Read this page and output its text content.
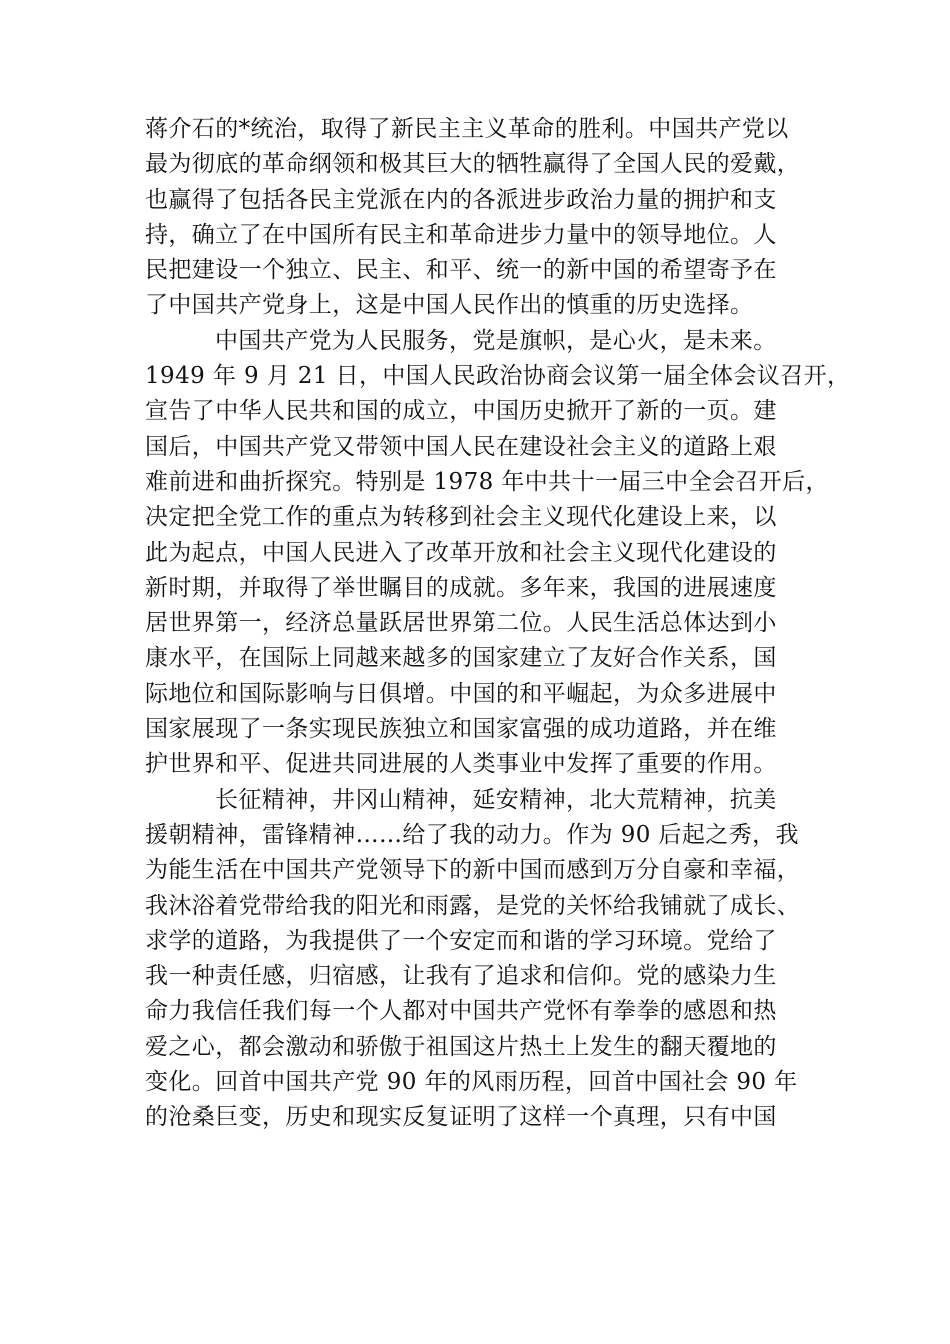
蒋介石的*统治，取得了新民主主义革命的胜利。中国共产党以
最为彻底的革命纲领和极其巨大的牺牲赢得了全国人民的爱戴，
也赢得了包括各民主党派在内的各派进步政治力量的拥护和支
持，确立了在中国所有民主和革命进步力量中的领导地位。人
民把建设一个独立、民主、和平、统一的新中国的希望寄予在
了中国共产党身上，这是中国人民作出的慎重的历史选择。
中国共产党为人民服务，党是旗帜，是心火，是未来。
1949 年 9 月 21 日，中国人民政治协商会议第一届全体会议召开，
宣告了中华人民共和国的成立，中国历史掀开了新的一页。建
国后，中国共产党又带领中国人民在建设社会主义的道路上艰
难前进和曲折探究。特别是 1978 年中共十一届三中全会召开后，
决定把全党工作的重点为转移到社会主义现代化建设上来，以
此为起点，中国人民进入了改革开放和社会主义现代化建设的
新时期，并取得了举世瞩目的成就。多年来，我国的进展速度
居世界第一，经济总量跃居世界第二位。人民生活总体达到小
康水平，在国际上同越来越多的国家建立了友好合作关系，国
际地位和国际影响与日俱增。中国的和平崛起，为众多进展中
国家展现了一条实现民族独立和国家富强的成功道路，并在维
护世界和平、促进共同进展的人类事业中发挥了重要的作用。
长征精神，井冈山精神，延安精神，北大荒精神，抗美
援朝精神，雷锋精神……给了我的动力。作为 90 后起之秀，我
为能生活在中国共产党领导下的新中国而感到万分自豪和幸福，
我沐浴着党带给我的阳光和雨露，是党的关怀给我铺就了成长、
求学的道路，为我提供了一个安定而和谐的学习环境。党给了
我一种责任感，归宿感，让我有了追求和信仰。党的感染力生
命力我信任我们每一个人都对中国共产党怀有拳拳的感恩和热
爱之心，都会激动和骄傲于祖国这片热土上发生的翻天覆地的
变化。回首中国共产党 90 年的风雨历程，回首中国社会 90 年
的沧桑巨变，历史和现实反复证明了这样一个真理，只有中国
